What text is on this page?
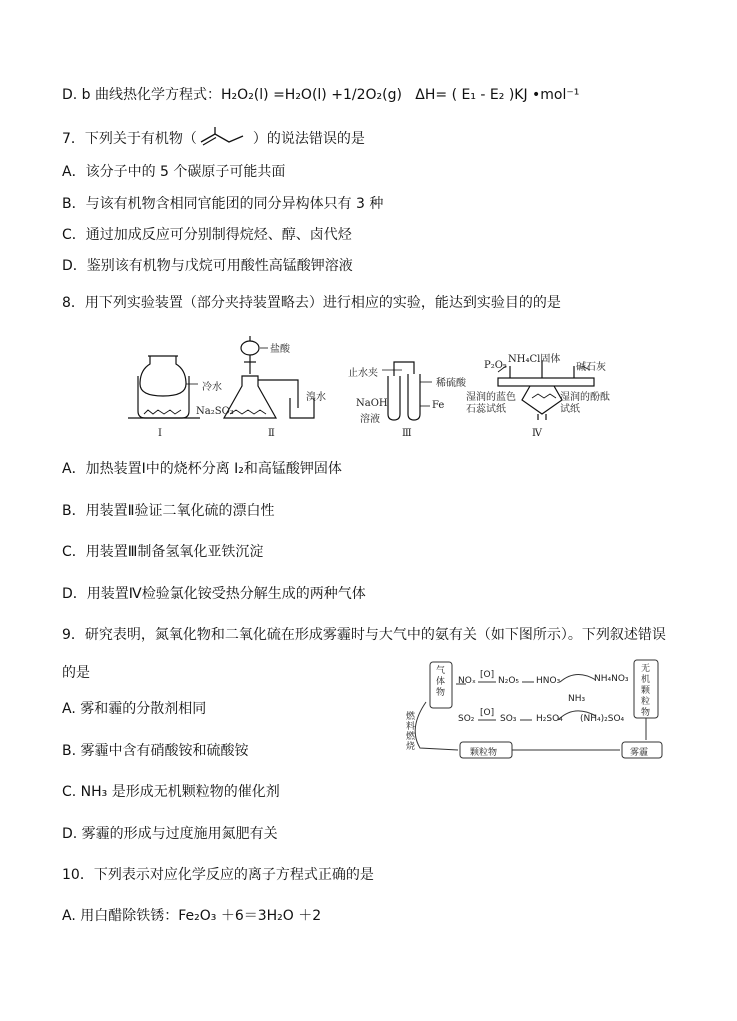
D. b 曲线热化学方程式：H₂O₂(l) =H₂O(l) +1/2O₂(g) ΔH= ( E₁ - E₂ )KJ •mol⁻¹
7．下列关于有机物（	）的说法错误的是
A．该分子中的 5 个碳原子可能共面
B．与该有机物含相同官能团的同分异构体只有 3 种
C．通过加成反应可分别制得烷烃、醇、卤代烃
D．鉴别该有机物与戊烷可用酸性高锰酸钾溶液
8．用下列实验装置（部分夹持装置略去）进行相应的实验，能达到实验目的的是
冷水
盐酸
Na₂SO₃
溴水
止水夹
稀硫酸
NaOH
溶液
Fe
NH₄Cl固体
P₂O₅	碱石灰
湿润的蓝色
石蕊试纸
湿润的酚酞
试纸
Ⅰ	Ⅱ	Ⅲ	Ⅳ
A．加热装置Ⅰ中的烧杯分离 I₂和高锰酸钾固体
B．用装置Ⅱ验证二氧化硫的漂白性
C．用装置Ⅲ制备氢氧化亚铁沉淀
D．用装置Ⅳ检验氯化铵受热分解生成的两种气体
9．研究表明，氮氧化物和二氧化硫在形成雾霾时与大气中的氨有关（如下图所示）。下列叙述错误
的是	气体物
燃料燃烧
颗粒物
无机颗粒物
雾霾
NOₓ
[O]
N₂O₅ HNO₃	NH₄NO₃
NH₃
SO₂
[O]
SO₃ H₂SO₄ (NH₄)₂SO₄
A. 雾和霾的分散剂相同
B. 雾霾中含有硝酸铵和硫酸铵
C. NH₃ 是形成无机颗粒物的催化剂
D. 雾霾的形成与过度施用氮肥有关
10．下列表示对应化学反应的离子方程式正确的是
A. 用白醋除铁锈：Fe₂O₃ ＋6＝3H₂O ＋2
